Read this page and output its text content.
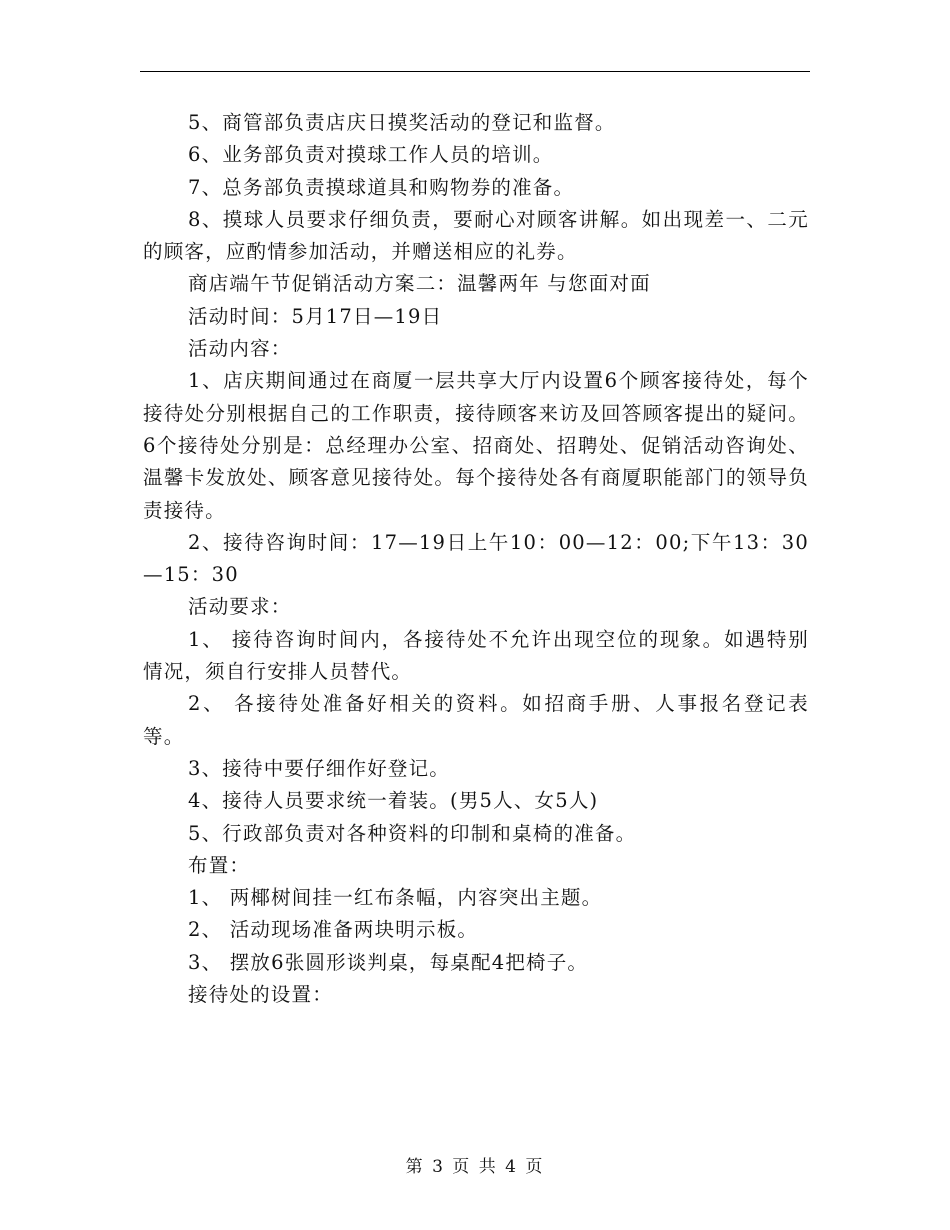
5、商管部负责店庆日摸奖活动的登记和监督。

6、业务部负责对摸球工作人员的培训。

7、总务部负责摸球道具和购物券的准备。

8、摸球人员要求仔细负责，要耐心对顾客讲解。如出现差一、二元的顾客，应酌情参加活动，并赠送相应的礼券。

商店端午节促销活动方案二：温馨两年 与您面对面

活动时间：5月17日—19日

活动内容：

1、店庆期间通过在商厦一层共享大厅内设置6个顾客接待处，每个接待处分别根据自己的工作职责，接待顾客来访及回答顾客提出的疑问。6个接待处分别是：总经理办公室、招商处、招聘处、促销活动咨询处、温馨卡发放处、顾客意见接待处。每个接待处各有商厦职能部门的领导负责接待。

2、接待咨询时间：17—19日上午10：00—12：00;下午13：30—15：30

活动要求：

1、 接待咨询时间内，各接待处不允许出现空位的现象。如遇特别情况，须自行安排人员替代。

2、 各接待处准备好相关的资料。如招商手册、人事报名登记表等。

3、接待中要仔细作好登记。

4、接待人员要求统一着装。(男5人、女5人)

5、行政部负责对各种资料的印制和桌椅的准备。

布置：

1、 两椰树间挂一红布条幅，内容突出主题。

2、 活动现场准备两块明示板。

3、 摆放6张圆形谈判桌，每桌配4把椅子。

接待处的设置：

第 3 页 共 4 页
